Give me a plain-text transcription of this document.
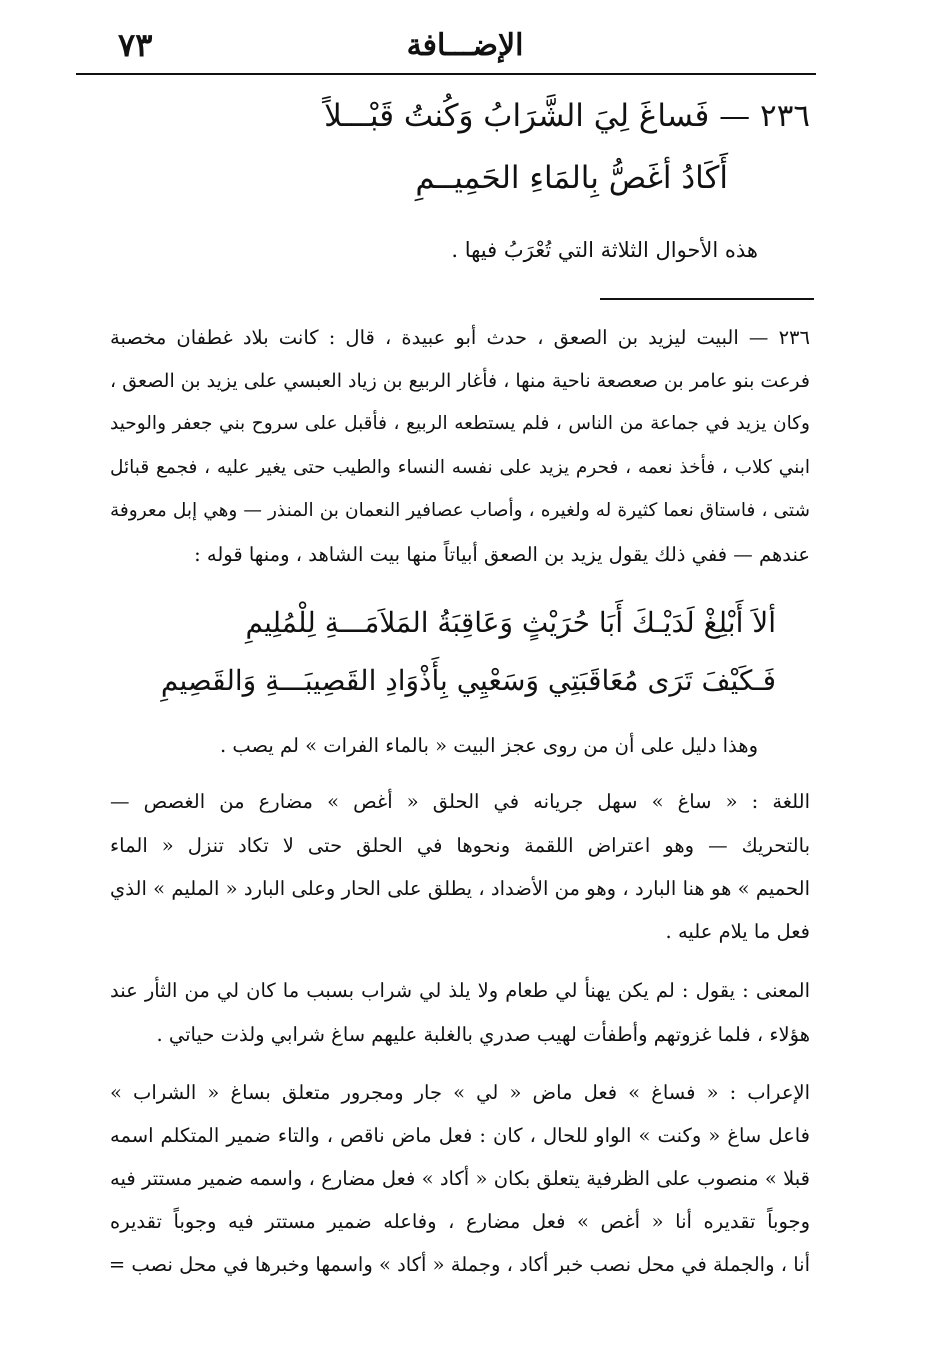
الإضـــافة
٧٣
٢٣٦ — فَساغَ لِيَ الشَّرَابُ وَكُنتُ قَبْـــلاً
أَكَادُ أغَصُّ بِالمَاءِ الحَمِيــمِ
هذه الأحوال الثلاثة التي تُعْرَبُ فيها .
٢٣٦ — البيت ليزيد بن الصعق ، حدث أبو عبيدة ، قال : كانت بلاد غطفان مخصبة
فرعت بنو عامر بن صعصعة ناحية منها ، فأغار الربيع بن زياد العبسي على يزيد بن الصعق ،
وكان يزيد في جماعة من الناس ، فلم يستطعه الربيع ، فأقبل على سروح بني جعفر والوحيد
ابني كلاب ، فأخذ نعمه ، فحرم يزيد على نفسه النساء والطيب حتى يغير عليه ، فجمع قبائل
شتى ، فاستاق نعما كثيرة له ولغيره ، وأصاب عصافير النعمان بن المنذر — وهي إبل معروفة
عندهم — ففي ذلك يقول يزيد بن الصعق أبياتاً منها بيت الشاهد ، ومنها قوله :
ألاَ أَبْلِغْ لَدَيْـكَ أَبَا حُرَيْثٍ وَعَاقِبَةُ المَلاَمَـــةِ لِلْمُلِيمِ
فَـكَيْفَ تَرَى مُعَاقَبَتِي وَسَعْيِي بِأَذْوَادِ القَصِيبَـــةِ وَالقَصِيمِ
وهذا دليل على أن من روى عجز البيت « بالماء الفرات » لم يصب .
اللغة : « ساغ » سهل جريانه في الحلق « أغص » مضارع من الغصص —
بالتحريك — وهو اعتراض اللقمة ونحوها في الحلق حتى لا تكاد تنزل « الماء
الحميم » هو هنا البارد ، وهو من الأضداد ، يطلق على الحار وعلى البارد « المليم » الذي
فعل ما يلام عليه .
المعنى : يقول : لم يكن يهنأ لي طعام ولا يلذ لي شراب بسبب ما كان لي من الثأر عند
هؤلاء ، فلما غزوتهم وأطفأت لهيب صدري بالغلبة عليهم ساغ شرابي ولذت حياتي .
الإعراب : « فساغ » فعل ماض « لي » جار ومجرور متعلق بساغ « الشراب »
فاعل ساغ « وكنت » الواو للحال ، كان : فعل ماض ناقص ، والتاء ضمير المتكلم اسمه
قبلا » منصوب على الظرفية يتعلق بكان « أكاد » فعل مضارع ، واسمه ضمير مستتر فيه
وجوباً تقديره أنا « أغص » فعل مضارع ، وفاعله ضمير مستتر فيه وجوباً تقديره
أنا ، والجملة في محل نصب خبر أكاد ، وجملة « أكاد » واسمها وخبرها في محل نصب =
